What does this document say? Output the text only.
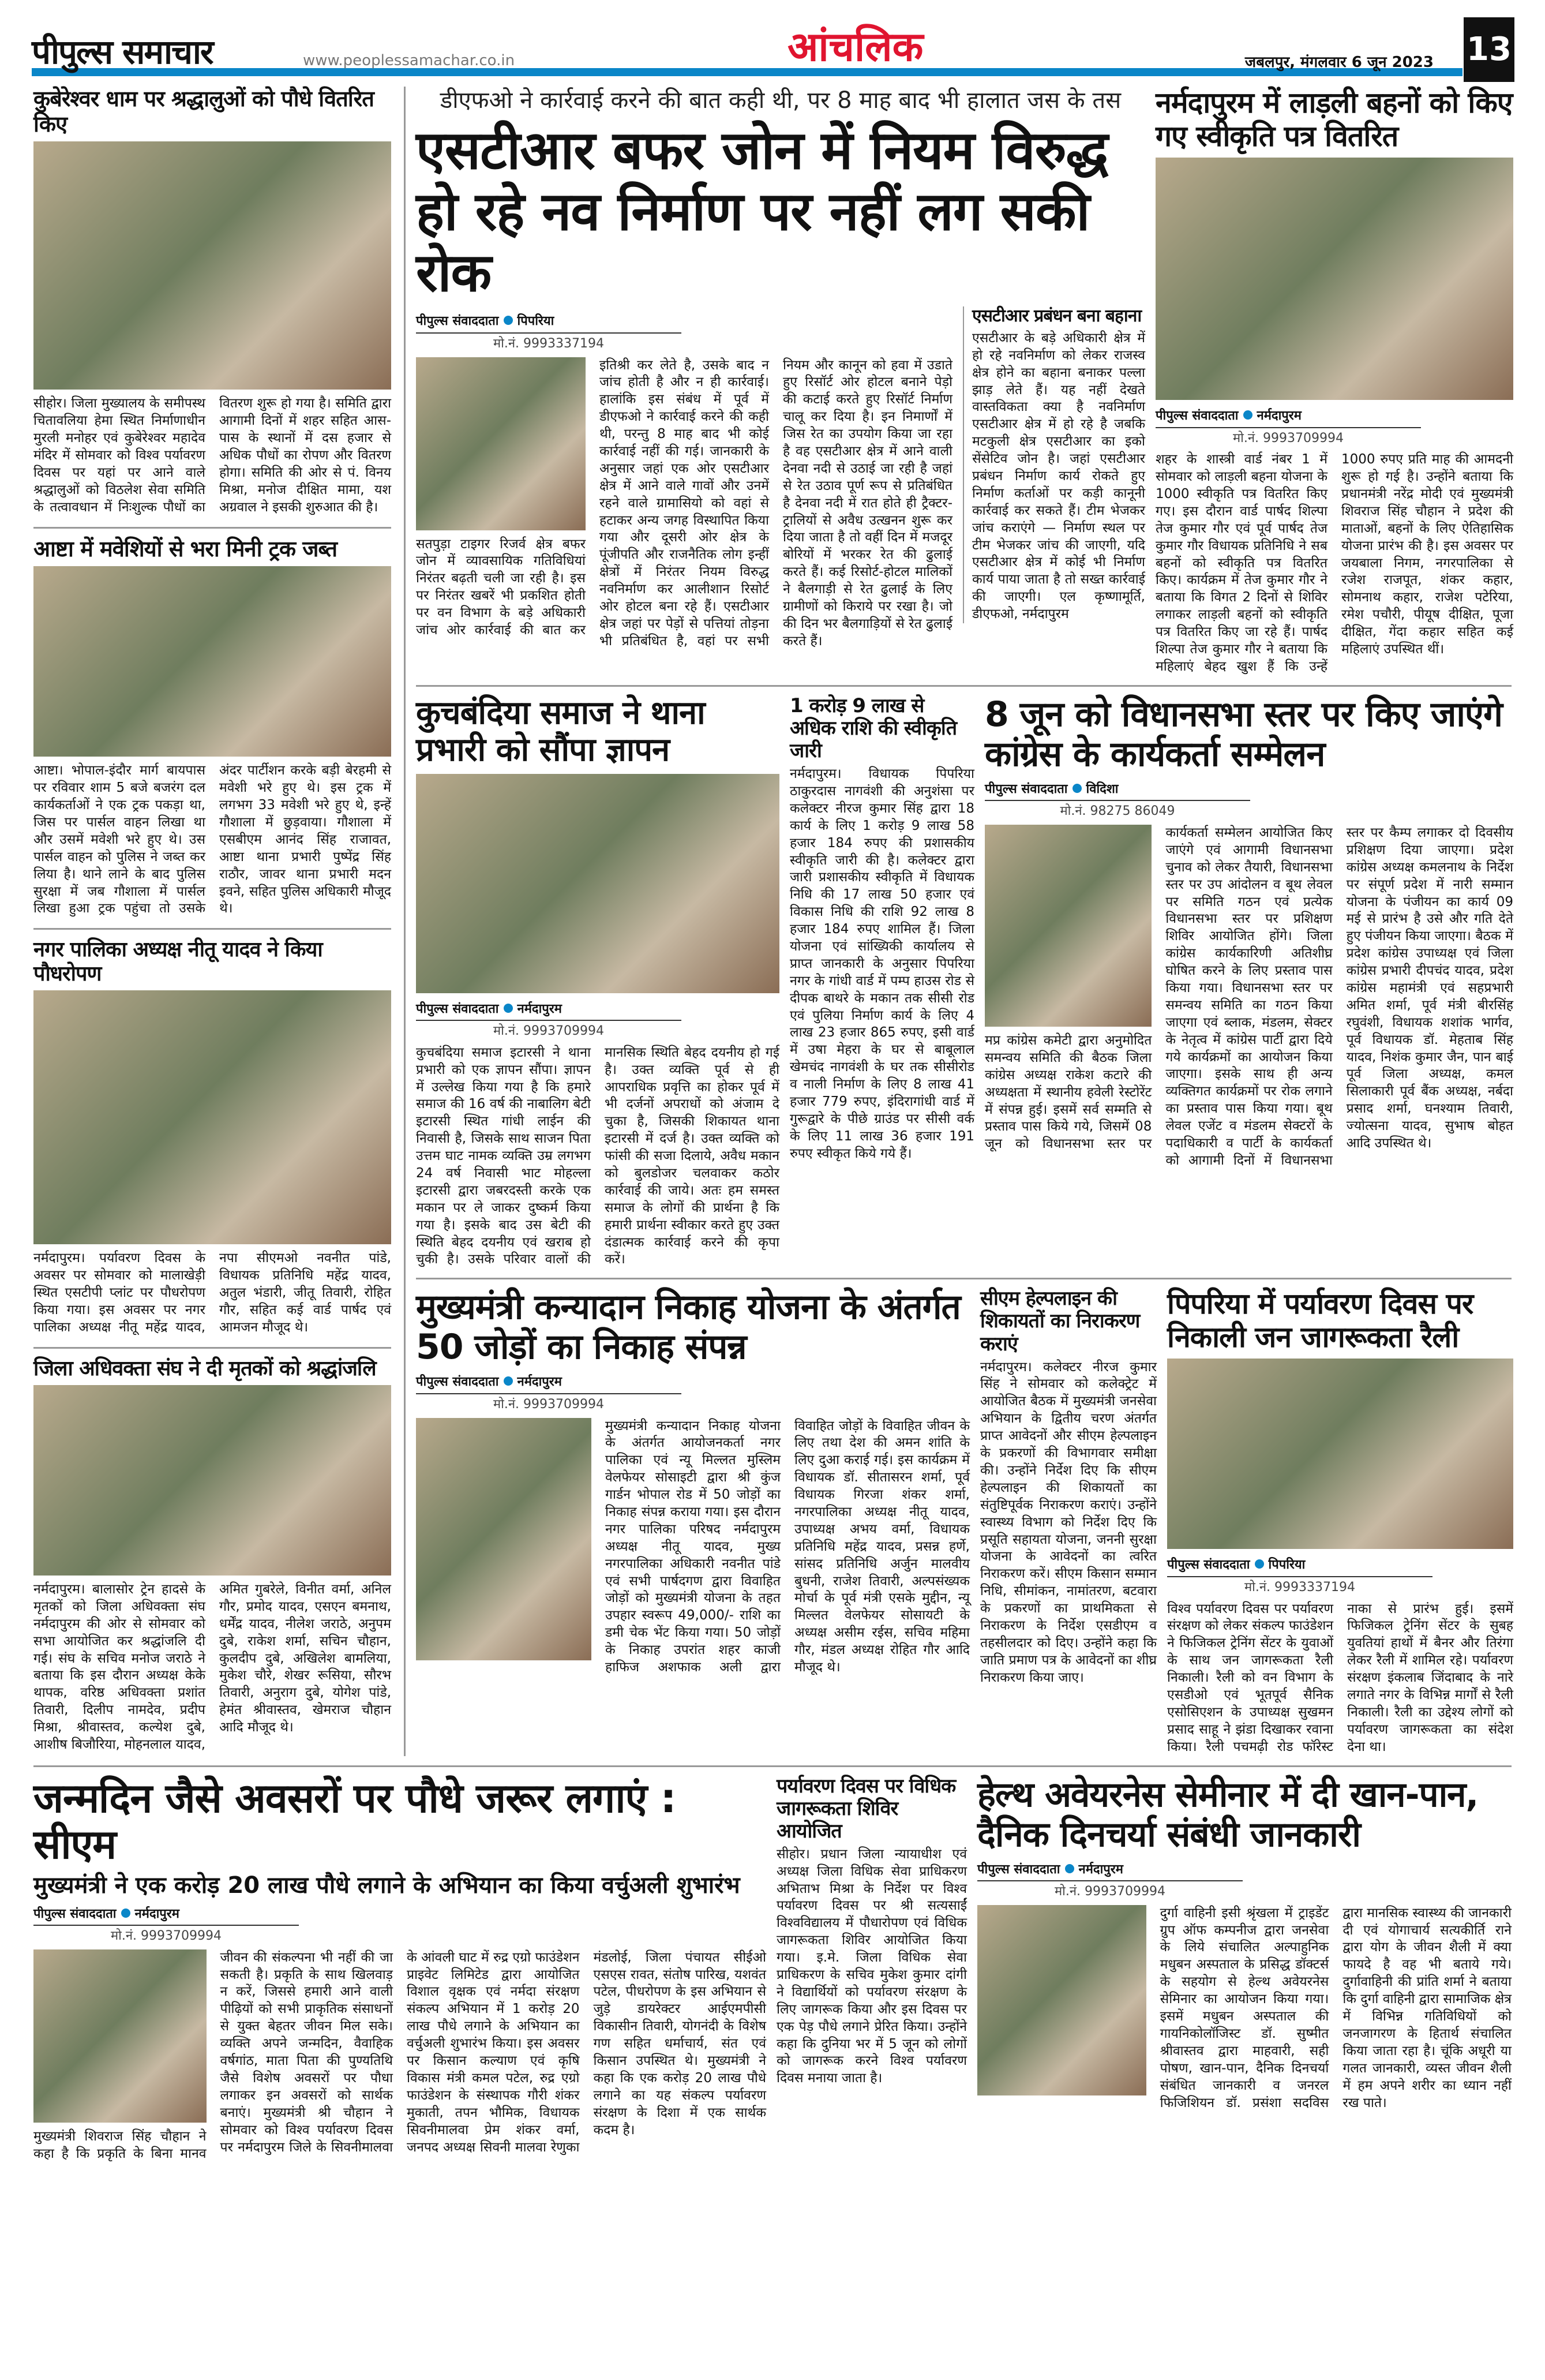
पीपुल्स समाचार	www.peoplessamachar.co.in	आंचलिक	जबलपुर, मंगलवार 6 जून 2023 13
कुबेरेश्वर धाम पर श्रद्धालुओं को पौधे वितरित किए
सीहोर। जिला मुख्यालय के समीपस्थ चितावलिया हेमा स्थित निर्माणाधीन मुरली मनोहर एवं कुबेरेश्वर महादेव मंदिर में सोमवार को विश्व पर्यावरण दिवस पर यहां पर आने वाले श्रद्धालुओं को विठलेश सेवा समिति के तत्वावधान में निःशुल्क पौधों का वितरण शुरू हो गया है। समिति द्वारा आगामी दिनों में शहर सहित आस-पास के स्थानों में दस हजार से अधिक पौधों का रोपण और वितरण होगा। समिति की ओर से पं. विनय मिश्रा, मनोज दीक्षित मामा, यश अग्रवाल ने इसकी शुरुआत की है।
आष्टा में मवेशियों से भरा मिनी ट्रक जब्त
आष्टा। भोपाल-इंदौर मार्ग बायपास पर रविवार शाम 5 बजे बजरंग दल कार्यकर्ताओं ने एक ट्रक पकड़ा था, जिस पर पार्सल वाहन लिखा था और उसमें मवेशी भरे हुए थे। उस पार्सल वाहन को पुलिस ने जब्त कर लिया है। थाने लाने के बाद पुलिस सुरक्षा में जब गौशाला में पार्सल लिखा हुआ ट्रक पहुंचा तो उसके अंदर पार्टीशन करके बड़ी बेरहमी से मवेशी भरे हुए थे। इस ट्रक में लगभग 33 मवेशी भरे हुए थे, इन्हें गौशाला में छुड़वाया। गौशाला में एसबीएम आनंद सिंह राजावत, आष्टा थाना प्रभारी पुष्पेंद्र सिंह राठौर, जावर थाना प्रभारी मदन इवने, सहित पुलिस अधिकारी मौजूद थे।
नगर पालिका अध्यक्ष नीतू यादव ने किया पौधरोपण
नर्मदापुरम। पर्यावरण दिवस के अवसर पर सोमवार को मालाखेड़ी स्थित एसटीपी प्लांट पर पौधरोपण किया गया। इस अवसर पर नगर पालिका अध्यक्ष नीतू महेंद्र यादव, नपा सीएमओ नवनीत पांडे, विधायक प्रतिनिधि महेंद्र यादव, अतुल भंडारी, जीतू तिवारी, रोहित गौर, सहित कई वार्ड पार्षद एवं आमजन मौजूद थे।
जिला अधिवक्ता संघ ने दी मृतकों को श्रद्धांजलि
नर्मदापुरम। बालासोर ट्रेन हादसे के मृतकों को जिला अधिवक्ता संघ नर्मदापुरम की ओर से सोमवार को सभा आयोजित कर श्रद्धांजलि दी गई। संघ के सचिव मनोज जराठे ने बताया कि इस दौरान अध्यक्ष केके थापक, वरिष्ठ अधिवक्ता प्रशांत तिवारी, दिलीप नामदेव, प्रदीप मिश्रा, श्रीवास्तव, कल्येश दुबे, आशीष बिजौरिया, मोहनलाल यादव, अमित गुबरेले, विनीत वर्मा, अनिल गौर, प्रमोद यादव, एसएन बमनाथ, धर्मेंद्र यादव, नीलेश जराठे, अनुपम दुबे, राकेश शर्मा, सचिन चौहान, कुलदीप दुबे, अखिलेश बामलिया, मुकेश चौरे, शेखर रूसिया, सौरभ तिवारी, अनुराग दुबे, योगेश पांडे, हेमंत श्रीवास्तव, खेमराज चौहान आदि मौजूद थे।
डीएफओ ने कार्रवाई करने की बात कही थी, पर 8 माह बाद भी हालात जस के तस
एसटीआर बफर जोन में नियम विरुद्ध हो रहे नव निर्माण पर नहीं लग सकी रोक
पीपुल्स संवाददाता पिपरिया
मो.नं. 9993337194
सतपुड़ा टाइगर रिजर्व क्षेत्र बफर जोन में व्यावसायिक गतिविधियां निरंतर बढ़ती चली जा रही है। इस पर निरंतर खबरें भी प्रकशित होती पर वन विभाग के बड़े अधिकारी जांच ओर कार्रवाई की बात कर इतिश्री कर लेते है, उसके बाद न जांच होती है और न ही कार्रवाई। हालांकि इस संबंध में पूर्व में डीएफओ ने कार्रवाई करने की कही थी, परन्तु 8 माह बाद भी कोई कार्रवाई नहीं की गई। जानकारी के अनुसार जहां एक ओर एसटीआर क्षेत्र में आने वाले गावों और उनमें रहने वाले ग्रामासियो को वहां से हटाकर अन्य जगह विस्थापित किया गया और दूसरी ओर क्षेत्र के पूंजीपति और राजनैतिक लोग इन्हीं क्षेत्रों में निरंतर नियम विरुद्ध नवनिर्माण कर आलीशान रिसोर्ट ओर होटल बना रहे हैं। एसटीआर क्षेत्र जहां पर पेड़ों से पत्तियां तोड़ना भी प्रतिबंधित है, वहां पर सभी नियम और कानून को हवा में उडाते हुए रिसॉर्ट ओर होटल बनाने पेड़ो की कटाई करते हुए रिसॉर्ट निर्माण चालू कर दिया है। इन निमार्णों में जिस रेत का उपयोग किया जा रहा है वह एसटीआर क्षेत्र में आने वाली देनवा नदी से उठाई जा रही है जहां से रेत उठाव पूर्ण रूप से प्रतिबंधित है देनवा नदी में रात होते ही ट्रैक्टर-ट्रालियों से अवैध उत्खनन शुरू कर दिया जाता है तो वहीं दिन में मजदूर बोरियों में भरकर रेत की ढुलाई करते हैं। कई रिसोर्ट-होटल मालिकों ने बैलगाड़ी से रेत ढुलाई के लिए ग्रामीणों को किराये पर रखा है। जो की दिन भर बैलगाड़ियों से रेत ढुलाई करते हैं।
एसटीआर प्रबंधन बना बहाना
एसटीआर के बड़े अधिकारी क्षेत्र में हो रहे नवनिर्माण को लेकर राजस्व क्षेत्र होने का बहाना बनाकर पल्ला झाड़ लेते हैं। यह नहीं देखते वास्तविकता क्या है नवनिर्माण एसटीआर क्षेत्र में हो रहे है जबकि मटकुली क्षेत्र एसटीआर का इको सेंसेटिव जोन है। जहां एसटीआर प्रबंधन निर्माण कार्य रोकते हुए निर्माण कर्ताओं पर कड़ी कानूनी कार्रवाई कर सकते हैं। टीम भेजकर जांच कराएंगे — निर्माण स्थल पर टीम भेजकर जांच की जाएगी, यदि एसटीआर क्षेत्र में कोई भी निर्माण कार्य पाया जाता है तो सख्त कार्रवाई की जाएगी। एल कृष्णामूर्ति, डीएफओ, नर्मदापुरम
नर्मदापुरम में लाड़ली बहनों को किए गए स्वीकृति पत्र वितरित
पीपुल्स संवाददाता नर्मदापुरम
मो.नं. 9993709994
शहर के शास्त्री वार्ड नंबर 1 में सोमवार को लाड़ली बहना योजना के 1000 स्वीकृति पत्र वितरित किए गए। इस दौरान वार्ड पार्षद शिल्पा तेज कुमार गौर एवं पूर्व पार्षद तेज कुमार गौर विधायक प्रतिनिधि ने सब बहनों को स्वीकृति पत्र वितरित किए। कार्यक्रम में तेज कुमार गौर ने बताया कि विगत 2 दिनों से शिविर लगाकर लाड़ली बहनों को स्वीकृति पत्र वितरित किए जा रहे हैं। पार्षद शिल्पा तेज कुमार गौर ने बताया कि महिलाएं बेहद खुश हैं कि उन्हें 1000 रुपए प्रति माह की आमदनी शुरू हो गई है। उन्होंने बताया कि प्रधानमंत्री नरेंद्र मोदी एवं मुख्यमंत्री शिवराज सिंह चौहान ने प्रदेश की माताओं, बहनों के लिए ऐतिहासिक योजना प्रारंभ की है। इस अवसर पर जयबाला निगम, नगरपालिका से रजेश राजपूत, शंकर कहार, सोमनाथ कहार, राजेश पटेरिया, रमेश पचौरी, पीयूष दीक्षित, पूजा दीक्षित, गेंदा कहार सहित कई महिलाएं उपस्थित थीं।
कुचबंदिया समाज ने थाना प्रभारी को सौंपा ज्ञापन
पीपुल्स संवाददाता नर्मदापुरम
मो.नं. 9993709994
कुचबंदिया समाज इटारसी ने थाना प्रभारी को एक ज्ञापन सौंपा। ज्ञापन में उल्लेख किया गया है कि हमारे समाज की 16 वर्ष की नाबालिग बेटी इटारसी स्थित गांधी लाईन की निवासी है, जिसके साथ साजन पिता उत्तम घाट नामक व्यक्ति उम्र लगभग 24 वर्ष निवासी भाट मोहल्ला इटारसी द्वारा जबरदस्ती करके एक मकान पर ले जाकर दुष्कर्म किया गया है। इसके बाद उस बेटी की स्थिति बेहद दयनीय एवं खराब हो चुकी है। उसके परिवार वालों की मानसिक स्थिति बेहद दयनीय हो गई है। उक्त व्यक्ति पूर्व से ही आपराधिक प्रवृत्ति का होकर पूर्व में भी दर्जनों अपराधों को अंजाम दे चुका है, जिसकी शिकायत थाना इटारसी में दर्ज है। उक्त व्यक्ति को फांसी की सजा दिलाये, अवैध मकान को बुलडोजर चलवाकर कठोर कार्रवाई की जाये। अतः हम समस्त समाज के लोगों की प्रार्थना है कि हमारी प्रार्थना स्वीकार करते हुए उक्त दंडात्मक कार्रवाई करने की कृपा करें।
1 करोड़ 9 लाख से अधिक राशि की स्वीकृति जारी
नर्मदापुरम। विधायक पिपरिया ठाकुरदास नागवंशी की अनुशंसा पर कलेक्टर नीरज कुमार सिंह द्वारा 18 कार्य के लिए 1 करोड़ 9 लाख 58 हजार 184 रुपए की प्रशासकीय स्वीकृति जारी की है। कलेक्टर द्वारा जारी प्रशासकीय स्वीकृति में विधायक निधि की 17 लाख 50 हजार एवं विकास निधि की राशि 92 लाख 8 हजार 184 रुपए शामिल हैं। जिला योजना एवं सांख्यिकी कार्यालय से प्राप्त जानकारी के अनुसार पिपरिया नगर के गांधी वार्ड में पम्प हाउस रोड से दीपक बाथरे के मकान तक सीसी रोड एवं पुलिया निर्माण कार्य के लिए 4 लाख 23 हजार 865 रुपए, इसी वार्ड में उषा मेहरा के घर से बाबूलाल खेमचंद नागवंशी के घर तक सीसीरोड व नाली निर्माण के लिए 8 लाख 41 हजार 779 रुपए, इंदिरागांधी वार्ड में गुरूद्वारे के पीछे ग्राउंड पर सीसी वर्क के लिए 11 लाख 36 हजार 191 रुपए स्वीकृत किये गये हैं।
8 जून को विधानसभा स्तर पर किए जाएंगे कांग्रेस के कार्यकर्ता सम्मेलन
पीपुल्स संवाददाता विदिशा
मो.नं. 98275 86049
मप्र कांग्रेस कमेटी द्वारा अनुमोदित समन्वय समिति की बैठक जिला कांग्रेस अध्यक्ष राकेश कटारे की अध्यक्षता में स्थानीय हवेली रेस्टोरेंट में संपन्न हुई। इसमें सर्व सम्मति से प्रस्ताव पास किये गये, जिसमें 08 जून को विधानसभा स्तर पर कार्यकर्ता सम्मेलन आयोजित किए जाएंगे एवं आगामी विधानसभा चुनाव को लेकर तैयारी, विधानसभा स्तर पर उप आंदोलन व बूथ लेवल पर समिति गठन एवं प्रत्येक विधानसभा स्तर पर प्रशिक्षण शिविर आयोजित होंगे। जिला कांग्रेस कार्यकारिणी अतिशीघ्र घोषित करने के लिए प्रस्ताव पास किया गया। विधानसभा स्तर पर समन्वय समिति का गठन किया जाएगा एवं ब्लाक, मंडलम, सेक्टर के नेतृत्व में कांग्रेस पार्टी द्वारा दिये गये कार्यक्रमों का आयोजन किया जाएगा। इसके साथ ही अन्य व्यक्तिगत कार्यक्रमों पर रोक लगाने का प्रस्ताव पास किया गया। बूथ लेवल एजेंट व मंडलम सेक्टरों के पदाधिकारी व पार्टी के कार्यकर्ता को आगामी दिनों में विधानसभा स्तर पर कैम्प लगाकर दो दिवसीय प्रशिक्षण दिया जाएगा। प्रदेश कांग्रेस अध्यक्ष कमलनाथ के निर्देश पर संपूर्ण प्रदेश में नारी सम्मान योजना के पंजीयन का कार्य 09 मई से प्रारंभ है उसे और गति देते हुए पंजीयन किया जाएगा। बैठक में प्रदेश कांग्रेस उपाध्यक्ष एवं जिला कांग्रेस प्रभारी दीपचंद यादव, प्रदेश कांग्रेस महामंत्री एवं सहप्रभारी अमित शर्मा, पूर्व मंत्री बीरसिंह रघुवंशी, विधायक शशांक भार्गव, पूर्व विधायक डॉ. मेहताब सिंह यादव, निशंक कुमार जैन, पान बाई पूर्व जिला अध्यक्ष, कमल सिलाकारी पूर्व बैंक अध्यक्ष, नर्बदा प्रसाद शर्मा, घनश्याम तिवारी, ज्योत्सना यादव, सुभाष बोहत आदि उपस्थित थे।
मुख्यमंत्री कन्यादान निकाह योजना के अंतर्गत 50 जोड़ों का निकाह संपन्न
पीपुल्स संवाददाता नर्मदापुरम
मो.नं. 9993709994
मुख्यमंत्री कन्यादान निकाह योजना के अंतर्गत आयोजनकर्ता नगर पालिका एवं न्यू मिल्लत मुस्लिम वेलफेयर सोसाइटी द्वारा श्री कुंज गार्डन भोपाल रोड में 50 जोड़ों का निकाह संपन्न कराया गया। इस दौरान नगर पालिका परिषद नर्मदापुरम अध्यक्ष नीतू यादव, मुख्य नगरपालिका अधिकारी नवनीत पांडे एवं सभी पार्षदगण द्वारा विवाहित जोड़ों को मुख्यमंत्री योजना के तहत उपहार स्वरूप 49,000/- राशि का डमी चेक भेंट किया गया। 50 जोड़ों के निकाह उपरांत शहर काजी हाफिज अशफाक अली द्वारा विवाहित जोड़ों के विवाहित जीवन के लिए तथा देश की अमन शांति के लिए दुआ कराई गई। इस कार्यक्रम में विधायक डॉ. सीतासरन शर्मा, पूर्व विधायक गिरजा शंकर शर्मा, नगरपालिका अध्यक्ष नीतू यादव, उपाध्यक्ष अभय वर्मा, विधायक प्रतिनिधि महेंद्र यादव, प्रसन्न हर्णे, सांसद प्रतिनिधि अर्जुन मालवीय बुधनी, राजेश तिवारी, अल्पसंख्यक मोर्चा के पूर्व मंत्री एसके मुद्दीन, न्यू मिल्लत वेलफेयर सोसायटी के अध्यक्ष असीम रईस, सचिव महिमा गौर, मंडल अध्यक्ष रोहित गौर आदि मौजूद थे।
सीएम हेल्पलाइन की शिकायतों का निराकरण कराएं
नर्मदापुरम। कलेक्टर नीरज कुमार सिंह ने सोमवार को कलेक्ट्रेट में आयोजित बैठक में मुख्यमंत्री जनसेवा अभियान के द्वितीय चरण अंतर्गत प्राप्त आवेदनों और सीएम हेल्पलाइन के प्रकरणों की विभागवार समीक्षा की। उन्होंने निर्देश दिए कि सीएम हेल्पलाइन की शिकायतों का संतुष्टिपूर्वक निराकरण कराएं। उन्होंने स्वास्थ्य विभाग को निर्देश दिए कि प्रसूति सहायता योजना, जननी सुरक्षा योजना के आवेदनों का त्वरित निराकरण करें। सीएम किसान सम्मान निधि, सीमांकन, नामांतरण, बटवारा के प्रकरणों का प्राथमिकता से निराकरण के निर्देश एसडीएम व तहसीलदार को दिए। उन्होंने कहा कि जाति प्रमाण पत्र के आवेदनों का शीघ्र निराकरण किया जाए।
पिपरिया में पर्यावरण दिवस पर निकाली जन जागरूकता रैली
पीपुल्स संवाददाता पिपरिया
मो.नं. 9993337194
विश्व पर्यावरण दिवस पर पर्यावरण संरक्षण को लेकर संकल्प फाउंडेशन ने फिजिकल ट्रेनिंग सेंटर के युवाओं के साथ जन जागरूकता रैली निकाली। रैली को वन विभाग के एसडीओ एवं भूतपूर्व सैनिक एसोसिएशन के उपाध्यक्ष सुखमन प्रसाद साहू ने झंडा दिखाकर रवाना किया। रैली पचमढ़ी रोड फॉरेस्ट नाका से प्रारंभ हुई। इसमें फिजिकल ट्रेनिंग सेंटर के सुबह युवतियां हाथों में बैनर और तिरंगा लेकर रैली में शामिल रहे। पर्यावरण संरक्षण इंकलाब जिंदाबाद के नारे लगाते नगर के विभिन्न मार्गों से रैली निकाली। रैली का उद्देश्य लोगों को पर्यावरण जागरूकता का संदेश देना था।
जन्मदिन जैसे अवसरों पर पौधे जरूर लगाएं : सीएम
मुख्यमंत्री ने एक करोड़ 20 लाख पौधे लगाने के अभियान का किया वर्चुअली शुभारंभ
पीपुल्स संवाददाता नर्मदापुरम
मो.नं. 9993709994
मुख्यमंत्री शिवराज सिंह चौहान ने कहा है कि प्रकृति के बिना मानव जीवन की संकल्पना भी नहीं की जा सकती है। प्रकृति के साथ खिलवाड़ न करें, जिससे हमारी आने वाली पीढ़ियों को सभी प्राकृतिक संसाधनों से युक्त बेहतर जीवन मिल सके। व्यक्ति अपने जन्मदिन, वैवाहिक वर्षगांठ, माता पिता की पुण्यतिथि जैसे विशेष अवसरों पर पौधा लगाकर इन अवसरों को सार्थक बनाएं। मुख्यमंत्री श्री चौहान ने सोमवार को विश्व पर्यावरण दिवस पर नर्मदापुरम जिले के सिवनीमालवा के आंवली घाट में रुद्र एग्रो फाउंडेशन प्राइवेट लिमिटेड द्वारा आयोजित विशाल वृक्षक एवं नर्मदा संरक्षण संकल्प अभियान में 1 करोड़ 20 लाख पौधे लगाने के अभियान का वर्चुअली शुभारंभ किया। इस अवसर पर किसान कल्याण एवं कृषि विकास मंत्री कमल पटेल, रुद्र एग्रो फाउंडेशन के संस्थापक गौरी शंकर मुकाती, तपन भौमिक, विधायक सिवनीमालवा प्रेम शंकर वर्मा, जनपद अध्यक्ष सिवनी मालवा रेणुका मंडलोई, जिला पंचायत सीईओ एसएस रावत, संतोष पारिख, यशवंत पटेल, पीधरोपण के इस अभियान से जुड़े डायरेक्टर आईएमपीसी विकासीन तिवारी, योगनंदी के विशेष गण सहित धर्माचार्य, संत एवं किसान उपस्थित थे। मुख्यमंत्री ने कहा कि एक करोड़ 20 लाख पौधे लगाने का यह संकल्प पर्यावरण संरक्षण के दिशा में एक सार्थक कदम है।
पर्यावरण दिवस पर विधिक जागरूकता शिविर आयोजित
सीहोर। प्रधान जिला न्यायाधीश एवं अध्यक्ष जिला विधिक सेवा प्राधिकरण अभिताभ मिश्रा के निर्देश पर विश्व पर्यावरण दिवस पर श्री सत्यसाईं विश्वविद्यालय में पौधारोपण एवं विधिक जागरूकता शिविर आयोजित किया गया। इ.मे. जिला विधिक सेवा प्राधिकरण के सचिव मुकेश कुमार दांगी ने विद्यार्थियों को पर्यावरण संरक्षण के लिए जागरूक किया और इस दिवस पर एक पेड़ पौधे लगाने प्रेरित किया। उन्होंने कहा कि दुनिया भर में 5 जून को लोगों को जागरूक करने विश्व पर्यावरण दिवस मनाया जाता है।
हेल्थ अवेयरनेस सेमीनार में दी खान-पान, दैनिक दिनचर्या संबंधी जानकारी
पीपुल्स संवाददाता नर्मदापुरम
मो.नं. 9993709994
दुर्गा वाहिनी इसी श्रृंखला में ट्राइडेंट ग्रुप ऑफ कम्पनीज द्वारा जनसेवा के लिये संचालित अल्पाहुनिक मधुबन अस्पताल के प्रसिद्ध डॉक्टर्स के सहयोग से हेल्थ अवेयरनेस सेमिनार का आयोजन किया गया। इसमें मधुबन अस्पताल की गायनिकोलॉजिस्ट डॉ. सुष्मीत श्रीवास्तव द्वारा माहवारी, सही पोषण, खान-पान, दैनिक दिनचर्या संबंधित जानकारी व जनरल फिजिशियन डॉ. प्रसंशा सदविस द्वारा मानसिक स्वास्थ्य की जानकारी दी एवं योगाचार्य सत्यकीर्ति राने द्वारा योग के जीवन शैली में क्या फायदे है वह भी बताये गये। दुर्गावाहिनी की प्रांति शर्मा ने बताया कि दुर्गा वाहिनी द्वारा सामाजिक क्षेत्र में विभिन्न गतिविधियों को जनजागरण के हितार्थ संचालित किया जाता रहा है। चूंकि अधूरी या गलत जानकारी, व्यस्त जीवन शैली में हम अपने शरीर का ध्यान नहीं रख पाते।
